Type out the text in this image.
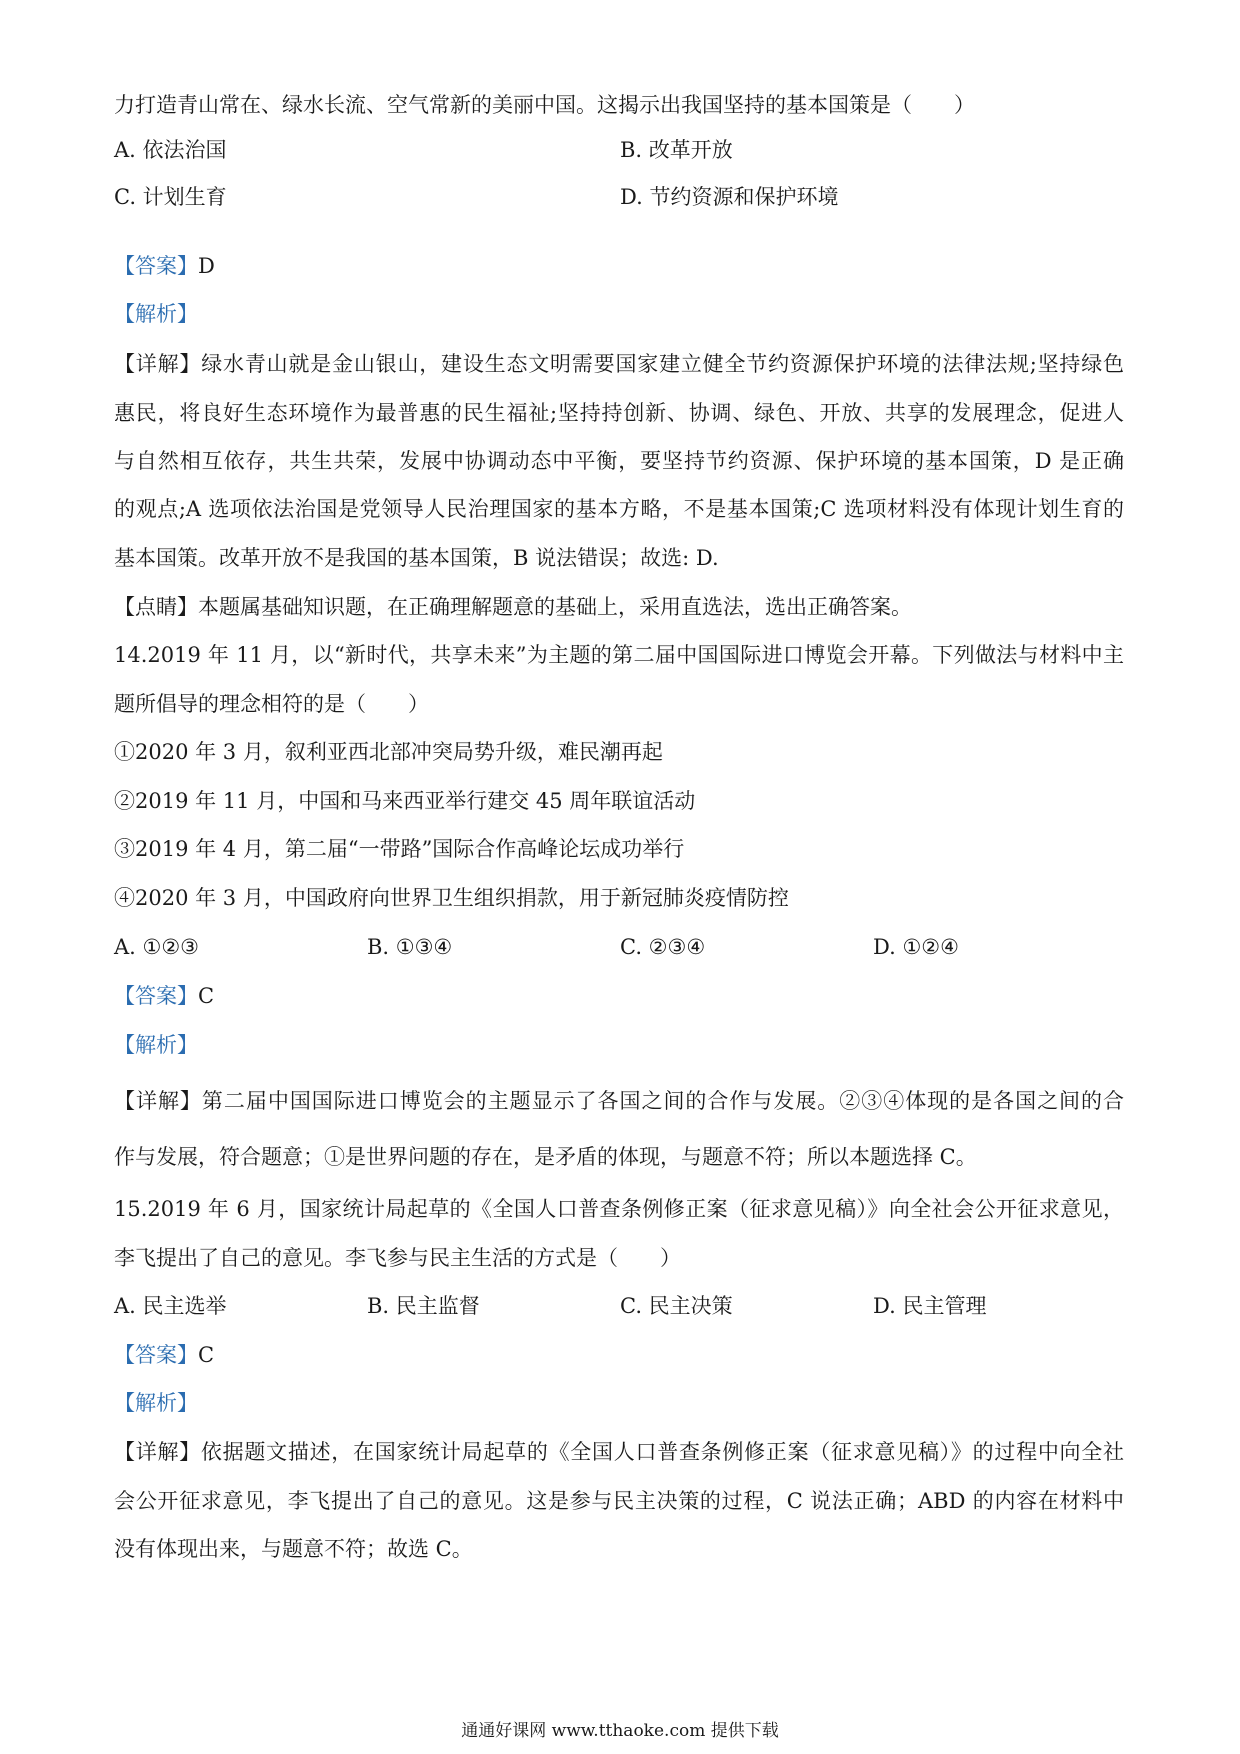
力打造青山常在、绿水长流、空气常新的美丽中国。这揭示出我国坚持的基本国策是（　　）
A. 依法治国	B. 改革开放
C. 计划生育	D. 节约资源和保护环境
【答案】D
【解析】
【详解】绿水青山就是金山银山，建设生态文明需要国家建立健全节约资源保护环境的法律法规;坚持绿色
惠民，将良好生态环境作为最普惠的民生福祉;坚持持创新、协调、绿色、开放、共享的发展理念，促进人
与自然相互依存，共生共荣，发展中协调动态中平衡，要坚持节约资源、保护环境的基本国策，D 是正确
的观点;A 选项依法治国是党领导人民治理国家的基本方略，不是基本国策;C 选项材料没有体现计划生育的
基本国策。改革开放不是我国的基本国策，B 说法错误；故选: D.
【点睛】本题属基础知识题，在正确理解题意的基础上，采用直选法，选出正确答案。
14.2019 年 11 月，以“新时代，共享未来”为主题的第二届中国国际进口博览会开幕。下列做法与材料中主
题所倡导的理念相符的是（　　）
①2020 年 3 月，叙利亚西北部冲突局势升级，难民潮再起
②2019 年 11 月，中国和马来西亚举行建交 45 周年联谊活动
③2019 年 4 月，第二届“一带路”国际合作高峰论坛成功举行
④2020 年 3 月，中国政府向世界卫生组织捐款，用于新冠肺炎疫情防控
A. ①②③	B. ①③④	C. ②③④	D. ①②④
【答案】C
【解析】
【详解】第二届中国国际进口博览会的主题显示了各国之间的合作与发展。②③④体现的是各国之间的合
作与发展，符合题意；①是世界问题的存在，是矛盾的体现，与题意不符；所以本题选择 C。
15.2019 年 6 月，国家统计局起草的《全国人口普查条例修正案（征求意见稿）》向全社会公开征求意见，
李飞提出了自己的意见。李飞参与民主生活的方式是（　　）
A. 民主选举	B. 民主监督	C. 民主决策	D. 民主管理
【答案】C
【解析】
【详解】依据题文描述，在国家统计局起草的《全国人口普查条例修正案（征求意见稿）》的过程中向全社
会公开征求意见，李飞提出了自己的意见。这是参与民主决策的过程，C 说法正确；ABD 的内容在材料中
没有体现出来，与题意不符；故选 C。
通通好课网 www.tthaoke.com 提供下载
